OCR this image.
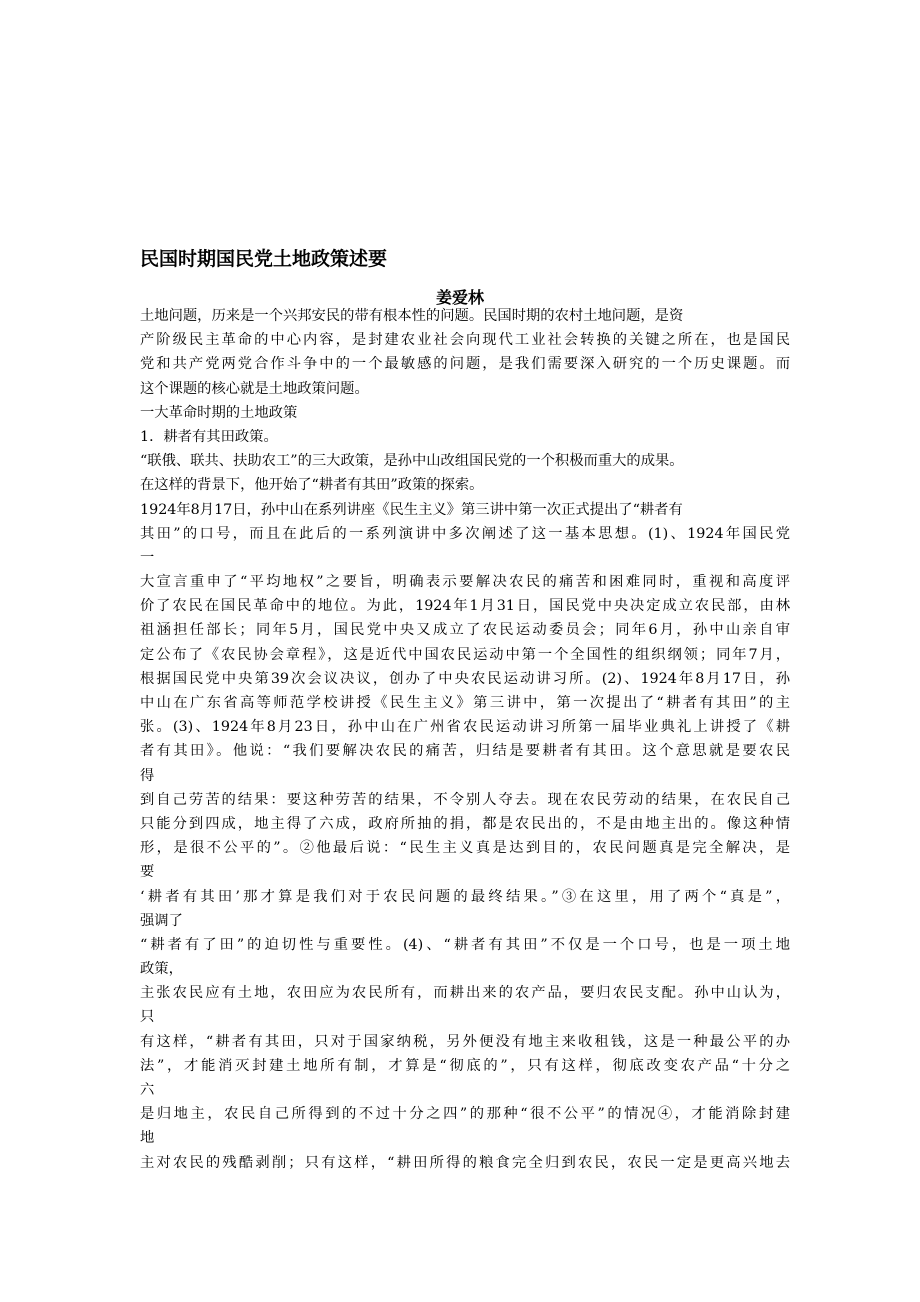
民国时期国民党土地政策述要
姜爱林
土地问题，历来是一个兴邦安民的带有根本性的问题。民国时期的农村土地问题，是资
产阶级民主革命的中心内容，是封建农业社会向现代工业社会转换的关键之所在，也是国民
党和共产党两党合作斗争中的一个最敏感的问题，是我们需要深入研究的一个历史课题。而
这个课题的核心就是土地政策问题。
一大革命时期的土地政策
1．耕者有其田政策。
“联俄、联共、扶助农工”的三大政策，是孙中山改组国民党的一个积极而重大的成果。
在这样的背景下，他开始了“耕者有其田”政策的探索。
1924年8月17日，孙中山在系列讲座《民生主义》第三讲中第一次正式提出了“耕者有
其田”的口号，而且在此后的一系列演讲中多次阐述了这一基本思想。(1)、1924年国民党
一
大宣言重申了“平均地权”之要旨，明确表示要解决农民的痛苦和困难同时，重视和高度评
价了农民在国民革命中的地位。为此，1924年1月31日，国民党中央决定成立农民部，由林
祖涵担任部长；同年5月，国民党中央又成立了农民运动委员会；同年6月，孙中山亲自审
定公布了《农民协会章程》，这是近代中国农民运动中第一个全国性的组织纲领；同年7月，
根据国民党中央第39次会议决议，创办了中央农民运动讲习所。(2)、1924年8月17日，孙
中山在广东省高等师范学校讲授《民生主义》第三讲中，第一次提出了“耕者有其田”的主
张。(3)、1924年8月23日，孙中山在广州省农民运动讲习所第一届毕业典礼上讲授了《耕
者有其田》。他说：“我们要解决农民的痛苦，归结是要耕者有其田。这个意思就是要农民
得
到自己劳苦的结果：要这种劳苦的结果，不令别人夺去。现在农民劳动的结果，在农民自己
只能分到四成，地主得了六成，政府所抽的捐，都是农民出的，不是由地主出的。像这种情
形，是很不公平的”。②他最后说：“民生主义真是达到目的，农民问题真是完全解决，是
要
‘耕者有其田’那才算是我们对于农民问题的最终结果。”③在这里，用了两个“真是”，
强调了
“耕者有了田”的迫切性与重要性。(4)、“耕者有其田”不仅是一个口号，也是一项土地
政策，
主张农民应有土地，农田应为农民所有，而耕出来的农产品，要归农民支配。孙中山认为，
只
有这样，“耕者有其田，只对于国家纳税，另外便没有地主来收租钱，这是一种最公平的办
法”，才能消灭封建土地所有制，才算是“彻底的”，只有这样，彻底改变农产品“十分之
六
是归地主，农民自己所得到的不过十分之四”的那种“很不公平”的情况④，才能消除封建
地
主对农民的残酷剥削；只有这样，“耕田所得的粮食完全归到农民，农民一定是更高兴地去
